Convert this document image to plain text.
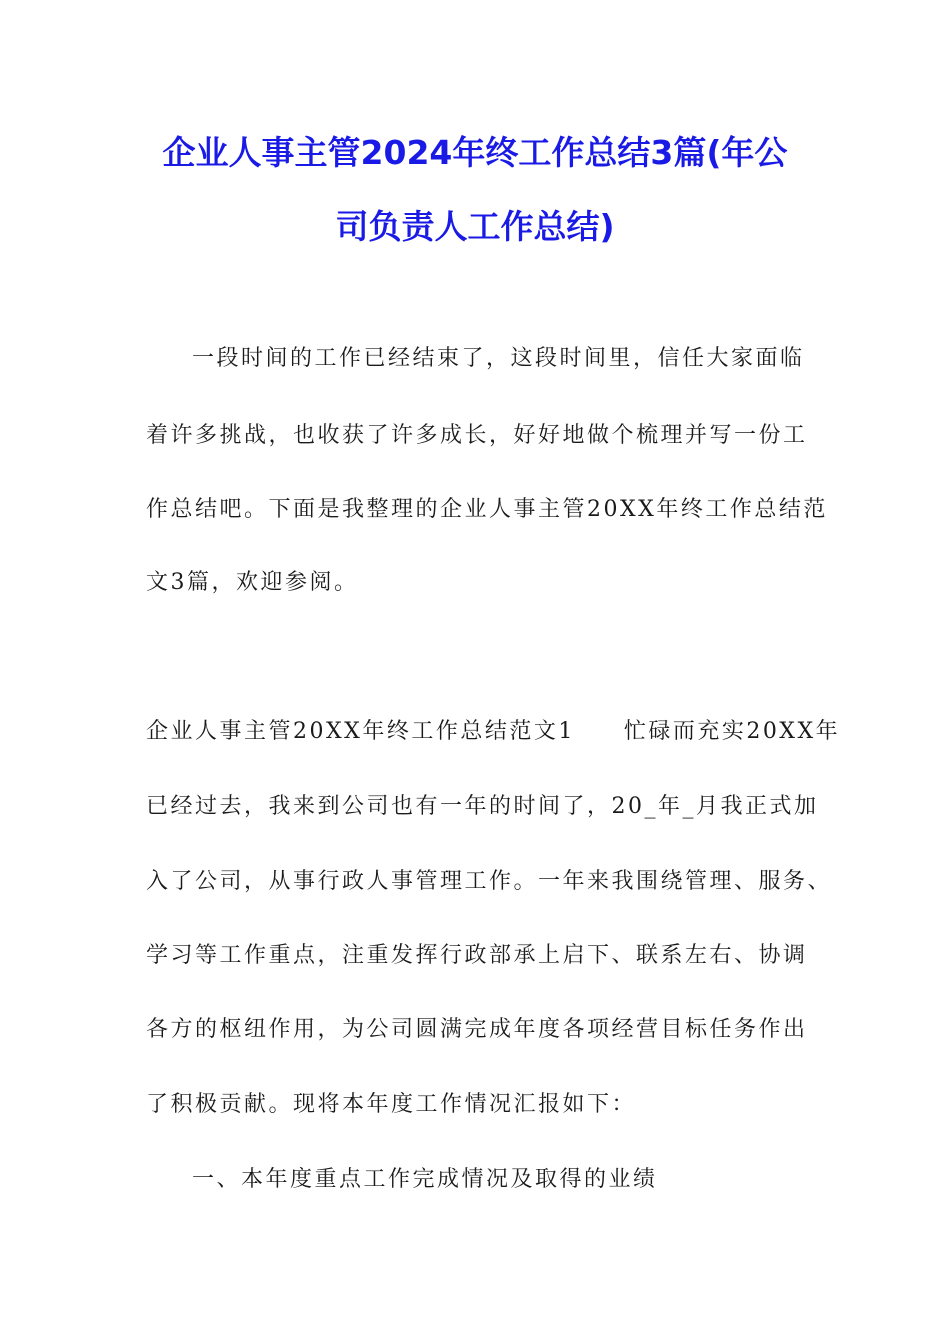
企业人事主管2024年终工作总结3篇(年公
司负责人工作总结)
一段时间的工作已经结束了，这段时间里，信任大家面临
着许多挑战，也收获了许多成长，好好地做个梳理并写一份工
作总结吧。下面是我整理的企业人事主管20XX年终工作总结范
文3篇，欢迎参阅。
企业人事主管20XX年终工作总结范文1　　忙碌而充实20XX年
已经过去，我来到公司也有一年的时间了，20_年_月我正式加
入了公司，从事行政人事管理工作。一年来我围绕管理、服务、
学习等工作重点，注重发挥行政部承上启下、联系左右、协调
各方的枢纽作用，为公司圆满完成年度各项经营目标任务作出
了积极贡献。现将本年度工作情况汇报如下：
一、本年度重点工作完成情况及取得的业绩
